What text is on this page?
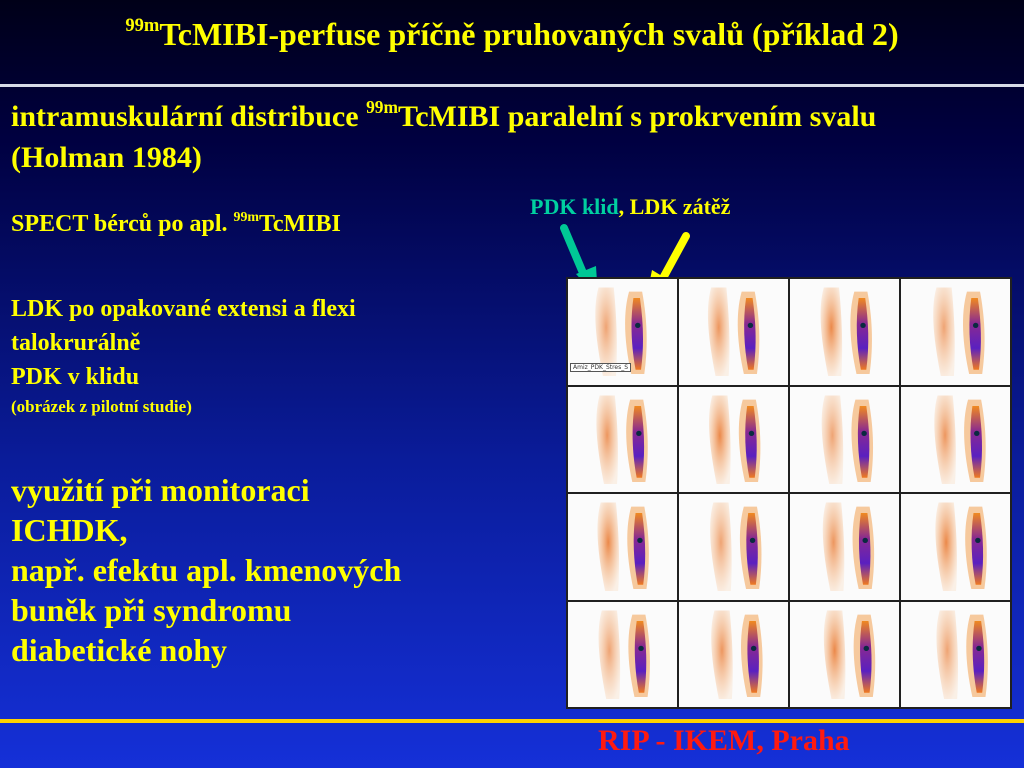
$^{99m}$TcMIBI-perfuse příčně pruhovaných svalů (příklad 2)
intramuskulární distribuce $^{99m}$TcMIBI paralelní s prokrvením svalu (Holman 1984)
SPECT bérců po apl. $^{99m}$TcMIBI
LDK po opakované extensi a flexi
talokrurálně
PDK v klidu
(obrázek z pilotní studie)
využití při monitoraci
ICHDK,
např. efektu apl. kmenových
buněk při syndromu
diabetické nohy
PDK klid, LDK zátěž
Amiz_PDK_Stres_S
RIP - IKEM, Praha
